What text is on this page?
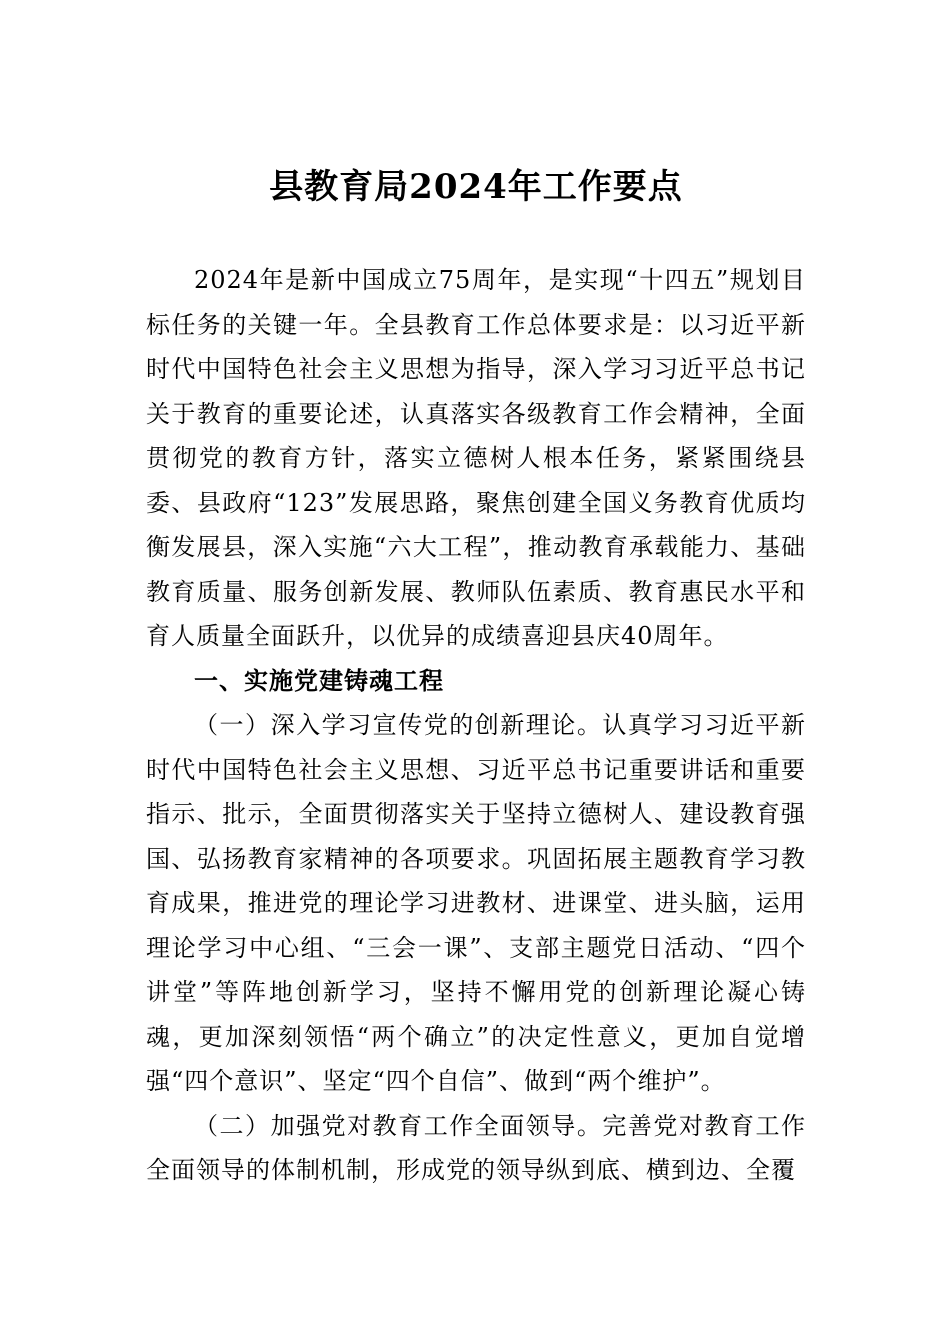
县教育局2024年工作要点

2024年是新中国成立75周年，是实现“十四五”规划目标任务的关键一年。全县教育工作总体要求是：以习近平新时代中国特色社会主义思想为指导，深入学习习近平总书记关于教育的重要论述，认真落实各级教育工作会精神，全面贯彻党的教育方针，落实立德树人根本任务，紧紧围绕县委、县政府“123”发展思路，聚焦创建全国义务教育优质均衡发展县，深入实施“六大工程”，推动教育承载能力、基础教育质量、服务创新发展、教师队伍素质、教育惠民水平和育人质量全面跃升，以优异的成绩喜迎县庆40周年。

一、实施党建铸魂工程

（一）深入学习宣传党的创新理论。认真学习习近平新时代中国特色社会主义思想、习近平总书记重要讲话和重要指示、批示，全面贯彻落实关于坚持立德树人、建设教育强国、弘扬教育家精神的各项要求。巩固拓展主题教育学习教育成果，推进党的理论学习进教材、进课堂、进头脑，运用理论学习中心组、“三会一课”、支部主题党日活动、“四个讲堂”等阵地创新学习，坚持不懈用党的创新理论凝心铸魂，更加深刻领悟“两个确立”的决定性意义，更加自觉增强“四个意识”、坚定“四个自信”、做到“两个维护”。

（二）加强党对教育工作全面领导。完善党对教育工作全面领导的体制机制，形成党的领导纵到底、横到边、全覆
